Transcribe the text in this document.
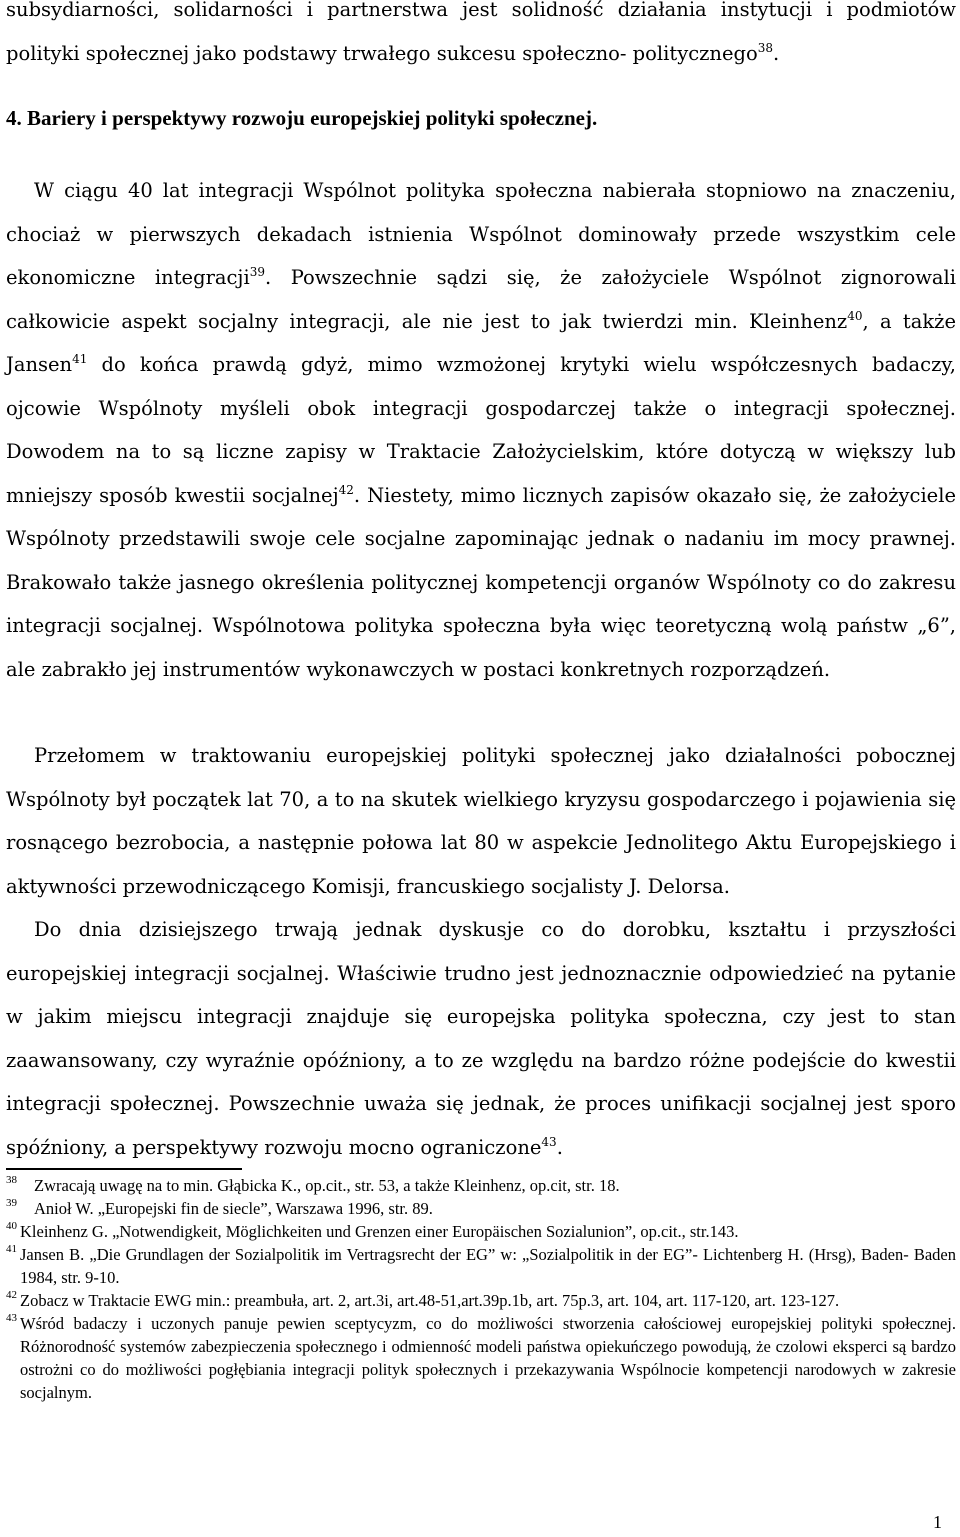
subsydiarności, solidarności i partnerstwa jest solidność działania instytucji i podmiotów polityki społecznej jako podstawy trwałego sukcesu społeczno- politycznego$^{38}$.

4. Bariery i perspektywy rozwoju europejskiej polityki społecznej.

W ciągu 40 lat integracji Wspólnot polityka społeczna nabierała stopniowo na znaczeniu, chociaż w pierwszych dekadach istnienia Wspólnot dominowały przede wszystkim cele ekonomiczne integracji$^{39}$. Powszechnie sądzi się, że założyciele Wspólnot zignorowali całkowicie aspekt socjalny integracji, ale nie jest to jak twierdzi min. Kleinhenz$^{40}$, a także Jansen$^{41}$ do końca prawdą gdyż, mimo wzmożonej krytyki wielu współczesnych badaczy, ojcowie Wspólnoty myśleli obok integracji gospodarczej także o integracji społecznej. Dowodem na to są liczne zapisy w Traktacie Założycielskim, które dotyczą w większy lub mniejszy sposób kwestii socjalnej$^{42}$. Niestety, mimo licznych zapisów okazało się, że założyciele Wspólnoty przedstawili swoje cele socjalne zapominając jednak o nadaniu im mocy prawnej. Brakowało także jasnego określenia politycznej kompetencji organów Wspólnoty co do zakresu integracji socjalnej. Wspólnotowa polityka społeczna była więc teoretyczną wolą państw „6”, ale zabrakło jej instrumentów wykonawczych w postaci konkretnych rozporządzeń.

Przełomem w traktowaniu europejskiej polityki społecznej jako działalności pobocznej Wspólnoty był początek lat 70, a to na skutek wielkiego kryzysu gospodarczego i pojawienia się rosnącego bezrobocia, a następnie połowa lat 80 w aspekcie Jednolitego Aktu Europejskiego i aktywności przewodniczącego Komisji, francuskiego socjalisty J. Delorsa.

Do dnia dzisiejszego trwają jednak dyskusje co do dorobku, kształtu i przyszłości europejskiej integracji socjalnej. Właściwie trudno jest jednoznacznie odpowiedzieć na pytanie w jakim miejscu integracji znajduje się europejska polityka społeczna, czy jest to stan zaawansowany, czy wyraźnie opóźniony, a to ze względu na bardzo różne podejście do kwestii integracji społecznej. Powszechnie uważa się jednak, że proces unifikacji socjalnej jest sporo spóźniony, a perspektywy rozwoju mocno ograniczone$^{43}$.

38 Zwracają uwagę na to min. Głąbicka K., op.cit., str. 53, a także Kleinhenz, op.cit, str. 18.
39 Anioł W. „Europejski fin de siecle”, Warszawa 1996, str. 89.
40 Kleinhenz G. „Notwendigkeit, Möglichkeiten und Grenzen einer Europäischen Sozialunion”, op.cit., str.143.
41 Jansen B. „Die Grundlagen der Sozialpolitik im Vertragsrecht der EG” w: „Sozialpolitik in der EG”- Lichtenberg H. (Hrsg), Baden- Baden 1984, str. 9-10.
42 Zobacz w Traktacie EWG min.: preambuła, art. 2, art.3i, art.48-51,art.39p.1b, art. 75p.3, art. 104, art. 117-120, art. 123-127.
43 Wśród badaczy i uczonych panuje pewien sceptycyzm, co do możliwości stworzenia całościowej europejskiej polityki społecznej. Różnorodność systemów zabezpieczenia społecznego i odmienność modeli państwa opiekuńczego powodują, że czolowi eksperci są bardzo ostrożni co do możliwości pogłębiania integracji polityk społecznych i przekazywania Wspólnocie kompetencji narodowych w zakresie socjalnym.
1
